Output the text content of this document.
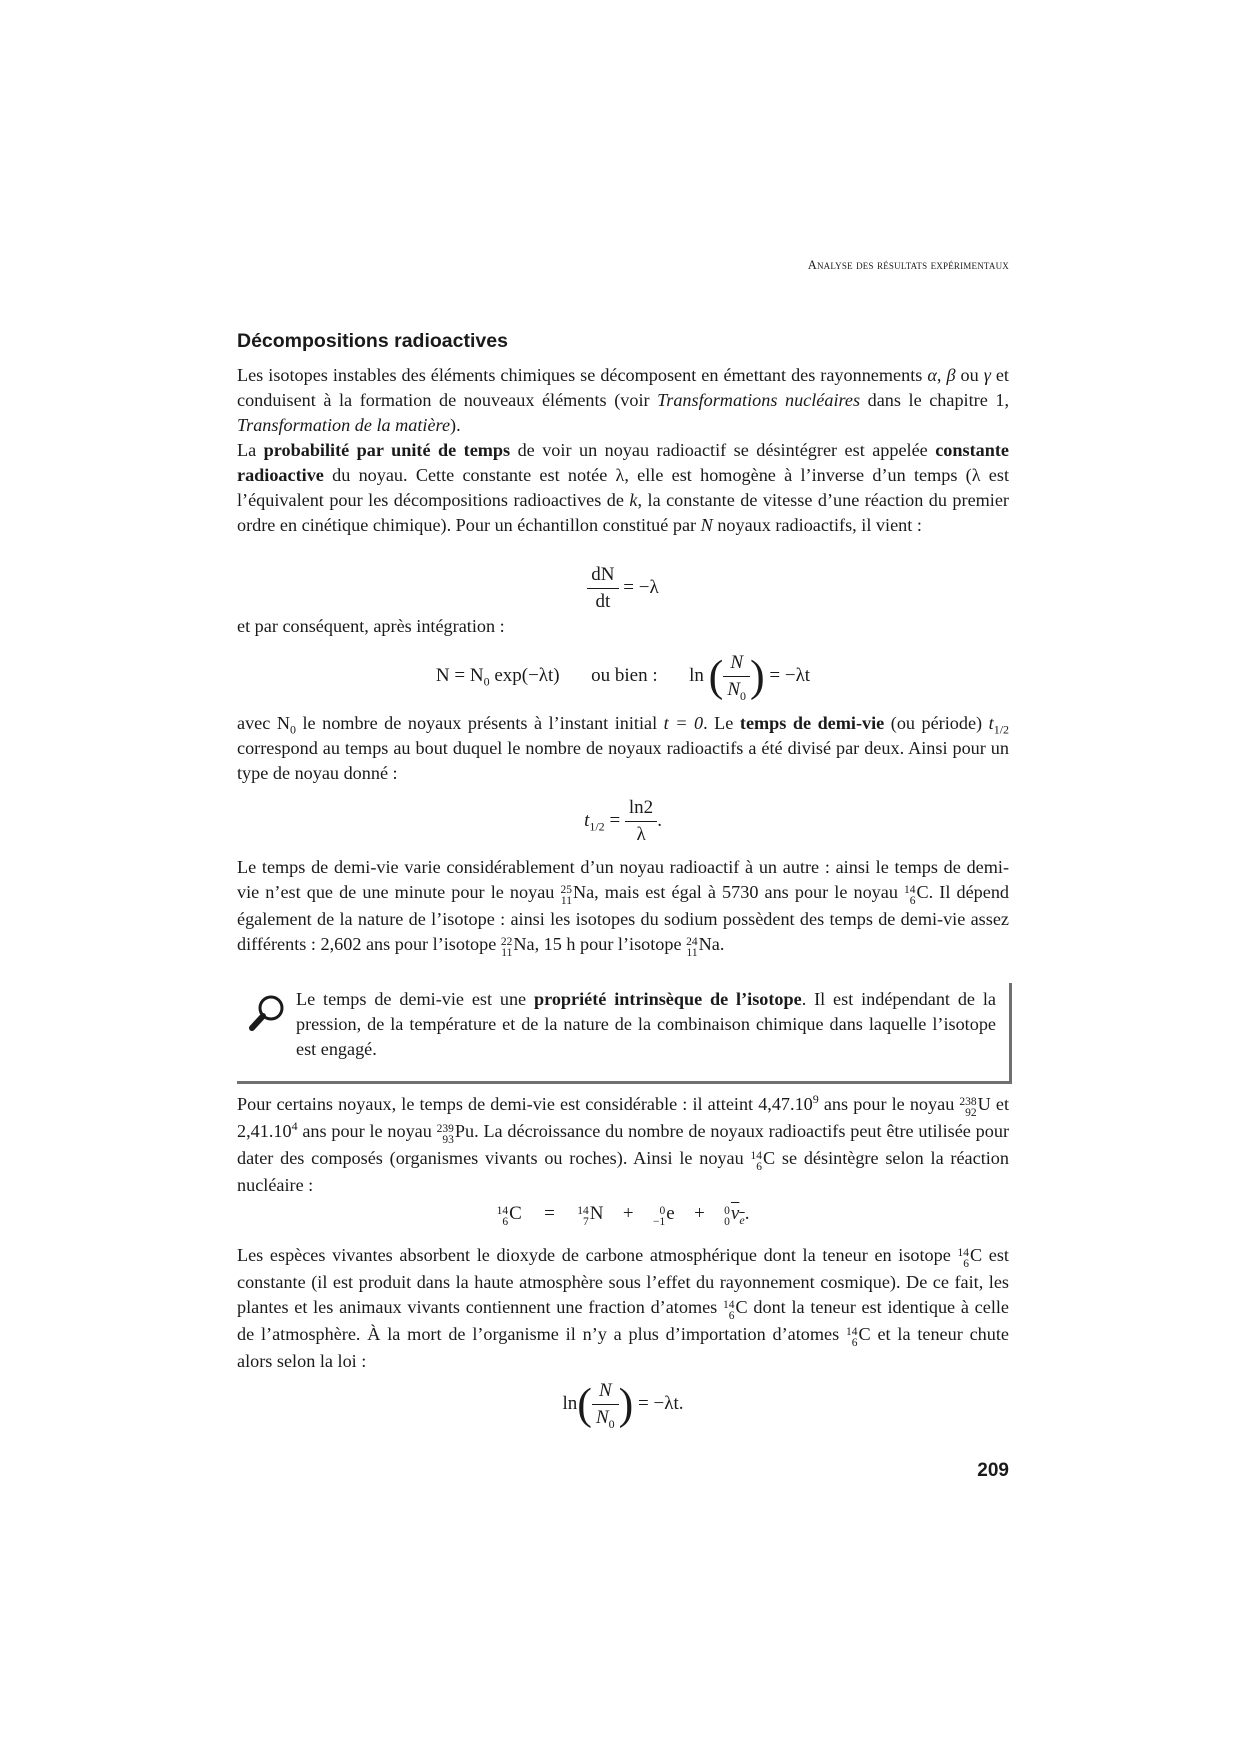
Analyse des résultats expérimentaux
Décompositions radioactives

Les isotopes instables des éléments chimiques se décomposent en émettant des rayonnements α, β ou γ et conduisent à la formation de nouveaux éléments (voir Transformations nucléaires dans le chapitre 1, Transformation de la matière).

La probabilité par unité de temps de voir un noyau radioactif se désintégrer est appelée constante radioactive du noyau. Cette constante est notée λ, elle est homogène à l’inverse d’un temps (λ est l’équivalent pour les décompositions radioactives de k, la constante de vitesse d’une réaction du premier ordre en cinétique chimique). Pour un échantillon constitué par N noyaux radioactifs, il vient :

$\frac{dN}{dt} = -\lambda$

et par conséquent, après intégration :

$N = N_0$ exp(−λt) ou bien : ln ( $\frac{N}{N_0}$ ) = −λt

avec $N_0$ le nombre de noyaux présents à l’instant initial t = 0. Le temps de demi-vie (ou période) $t_{1/2}$ correspond au temps au bout duquel le nombre de noyaux radioactifs a été divisé par deux. Ainsi pour un type de noyau donné :

$t_{1/2} = \frac{\ln 2}{\lambda}$ .

Le temps de demi-vie varie considérablement d’un noyau radioactif à un autre : ainsi le temps de demi-vie n’est que de une minute pour le noyau 25
11 Na, mais est égal à 5730 ans pour le noyau 14
6 C. Il dépend également de la nature de l’isotope : ainsi les isotopes du sodium possèdent des temps de demi-vie assez différents : 2,602 ans pour l’isotope 22
11 Na, 15 h pour l’isotope 24
11 Na.

Le temps de demi-vie est une propriété intrinsèque de l’isotope. Il est indépendant de la pression, de la température et de la nature de la combinaison chimique dans laquelle l’isotope est engagé.

Pour certains noyaux, le temps de demi-vie est considérable : il atteint 4,47.10$^9$ ans pour le noyau 238
92 U et 2,41.10$^4$ ans pour le noyau 239
93 Pu. La décroissance du nombre de noyaux radioactifs peut être utilisée pour dater des composés (organismes vivants ou roches). Ainsi le noyau 14
6 C se désintègre selon la réaction nucléaire :

14
6 C = 14
7 N +	0
−1 e + 0
0 $\nu_e$.

Les espèces vivantes absorbent le dioxyde de carbone atmosphérique dont la teneur en isotope 14
6 C est constante (il est produit dans la haute atmosphère sous l’effet du rayonnement cosmique). De ce fait, les plantes et les animaux vivants contiennent une fraction d’atomes 14
6 C dont la teneur est identique à celle de l’atmosphère. À la mort de l’organisme il n’y a plus d’importation d’atomes 14
6 C et la teneur chute alors selon la loi :

$\ln( \frac{N}{N_0}$ ) = −λt.
209
